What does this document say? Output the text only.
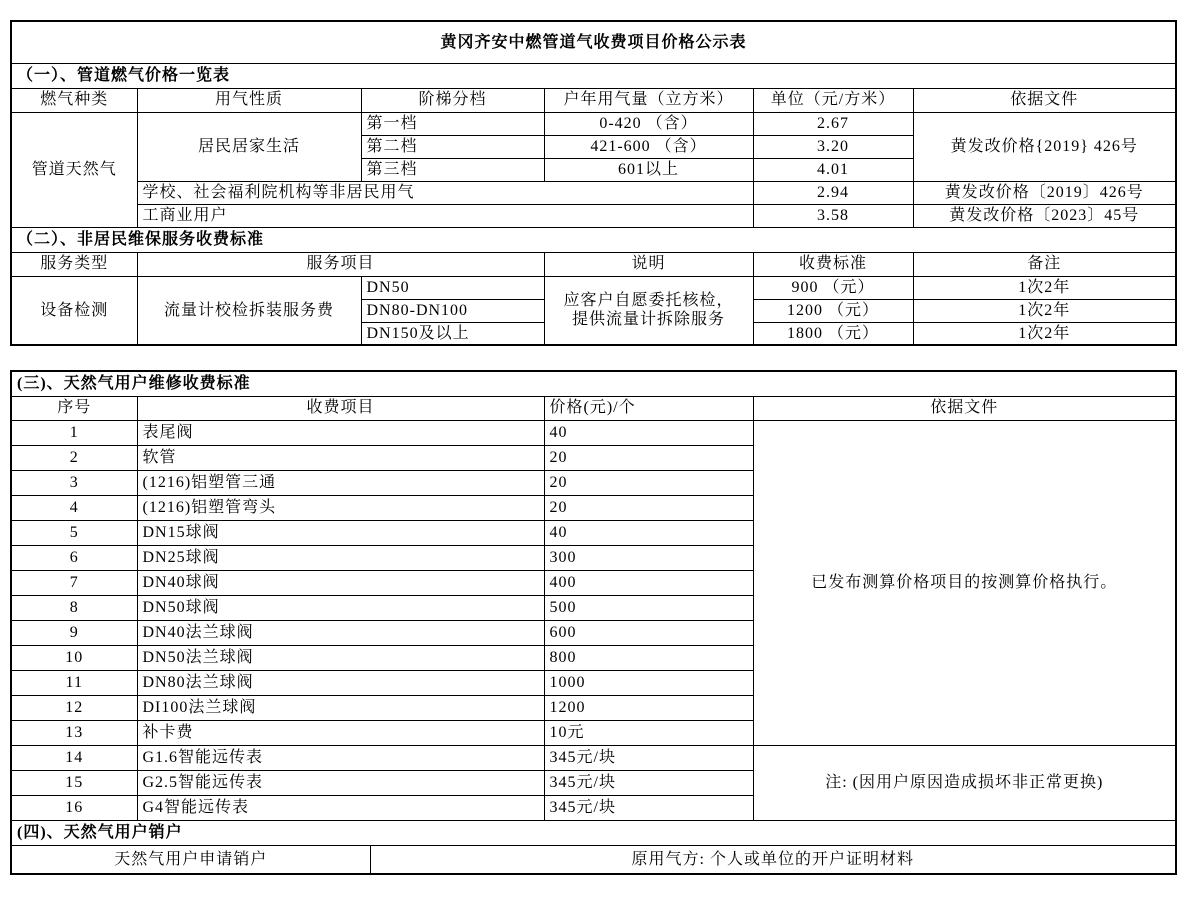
黄冈齐安中燃管道气收费项目价格公示表					
（一）、管道燃气价格一览表					
燃气种类	用气性质	阶梯分档	户年用气量（立方米）	单位（元/方米）	依据文件
管道天然气	居民居家生活	第一档	0-420 （含）	2.67	黄发改价格{2019} 426号
		第二档	421-600 （含）	3.20	
		第三档	601以上	4.01	
	学校、社会福利院机构等非居民用气			2.94	黄发改价格〔2019〕426号
	工商业用户			3.58	黄发改价格〔2023〕45号
（二）、非居民维保服务收费标准					
服务类型	服务项目		说明	收费标准	备注
设备检测	流量计校检拆装服务费	DN50	应客户自愿委托核检，
提供流量计拆除服务	900 （元）	1次2年
		DN80-DN100		1200 （元）	1次2年
		DN150及以上		1800 （元）	1次2年
(三)、天然气用户维修收费标准				
序号	收费项目		价格(元)/个	依据文件
1	表尾阀		40	已发布测算价格项目的按测算价格执行。
2	软管		20	
3	(1216)铝塑管三通		20	
4	(1216)铝塑管弯头		20	
5	DN15球阀		40	
6	DN25球阀		300	
7	DN40球阀		400	
8	DN50球阀		500	
9	DN40法兰球阀		600	
10	DN50法兰球阀		800	
11	DN80法兰球阀		1000	
12	DI100法兰球阀		1200	
13	补卡费		10元	
14	G1.6智能远传表		345元/块	注: (因用户原因造成损坏非正常更换)
15	G2.5智能远传表		345元/块	
16	G4智能远传表		345元/块	
(四)、天然气用户销户				
天然气用户申请销户		原用气方: 个人或单位的开户证明材料		
